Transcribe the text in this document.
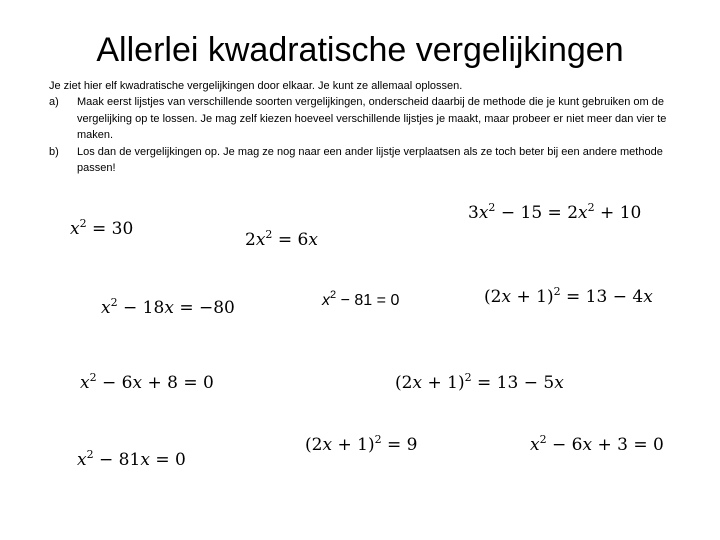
Allerlei kwadratische vergelijkingen

Je ziet hier elf kwadratische vergelijkingen door elkaar. Je kunt ze allemaal oplossen.

a)	Maak eerst lijstjes van verschillende soorten vergelijkingen, onderscheid daarbij de methode die je kunt gebruiken om de vergelijking op te lossen. Je mag zelf kiezen hoeveel verschillende lijstjes je maakt, maar probeer er niet meer dan vier te maken.
b)	Los dan de vergelijkingen op. Je mag ze nog naar een ander lijstje verplaatsen als ze toch beter bij een andere methode passen!
$x^2 = 30$
$2x^2 = 6x$
$3x^2 - 15 = 2x^2 + 10$
$x^2 - 18x = -80$	$x^2 - 81 = 0$	$(2x + 1)^2 = 13 - 4x$
$x^2 - 6x + 8 = 0$	$(2x + 1)^2 = 13 - 5x$
$x^2 - 81x = 0$
$(2x + 1)^2 = 9$	$x^2 - 6x + 3 = 0$
